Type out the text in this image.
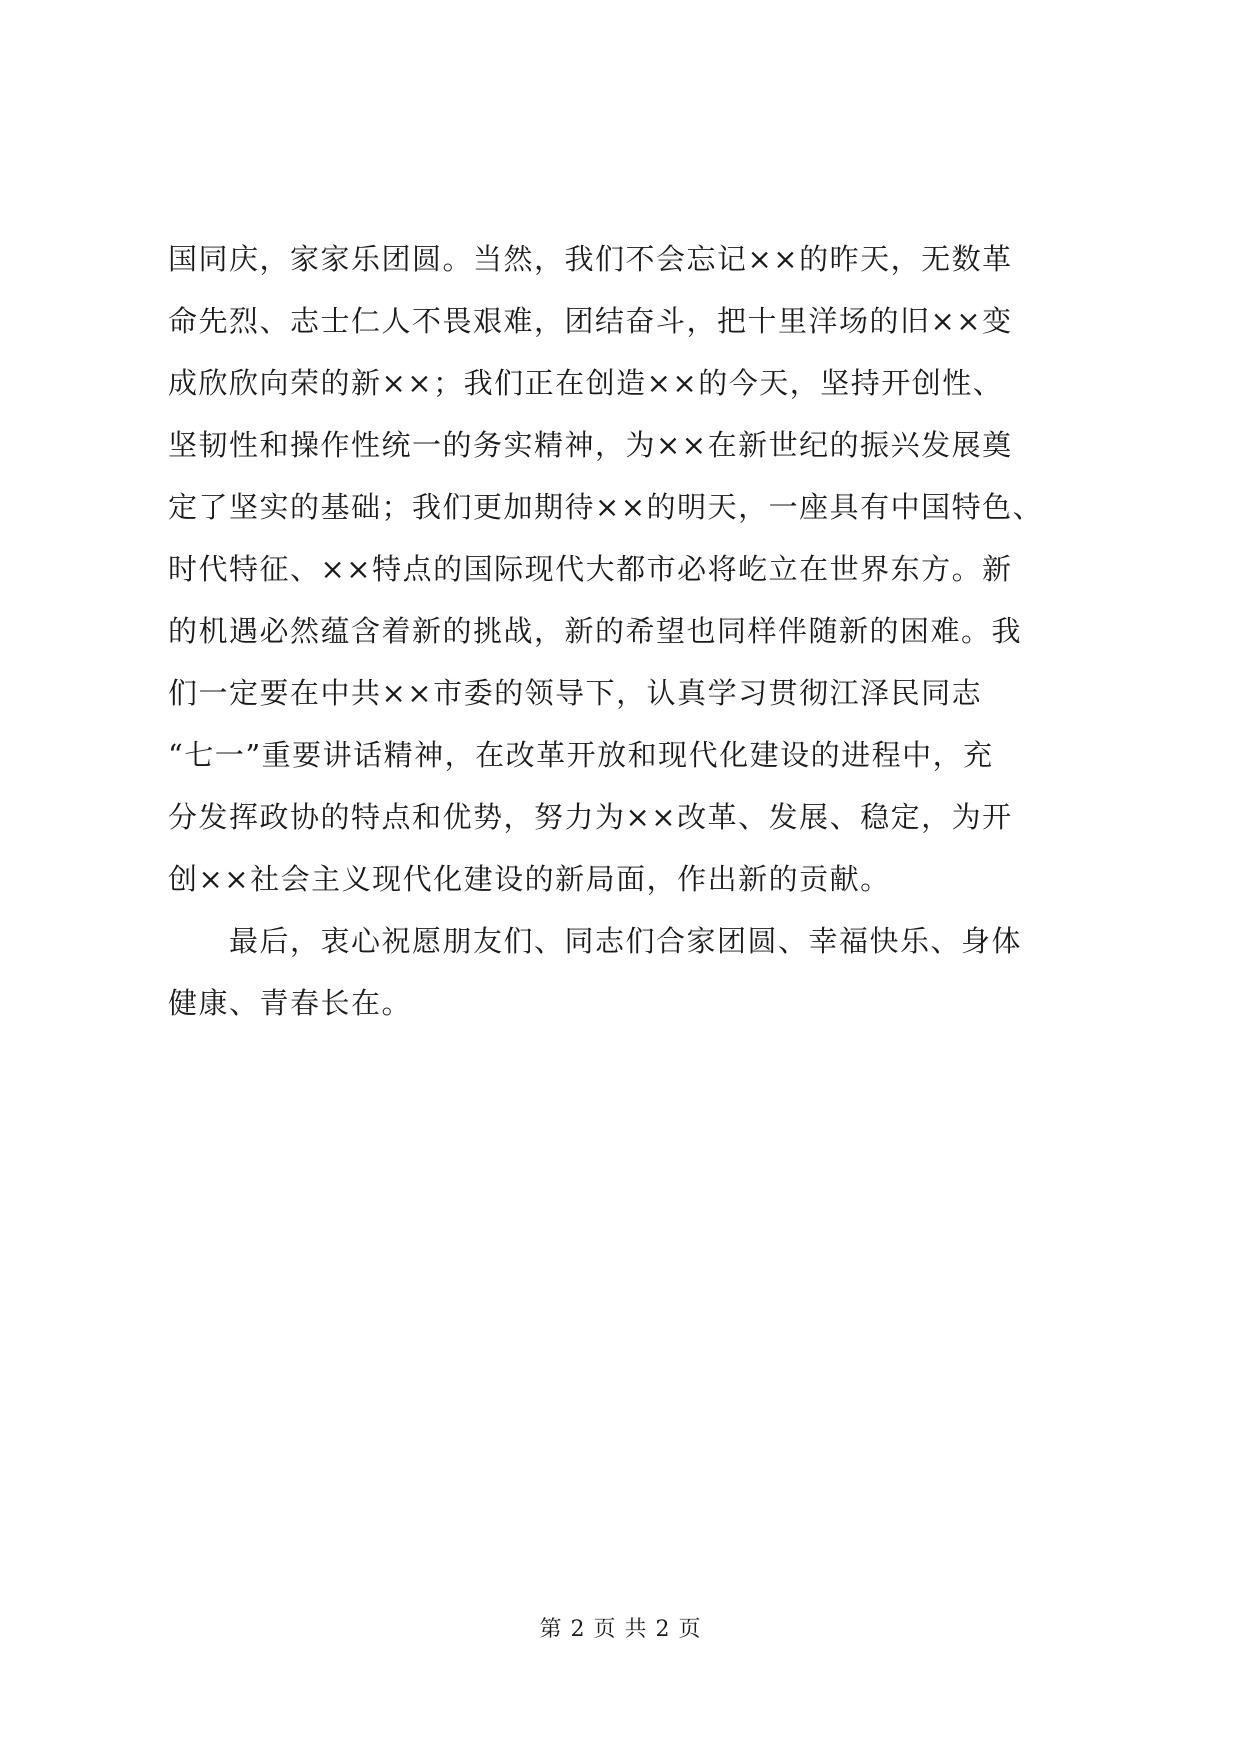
国同庆，家家乐团圆。当然，我们不会忘记××的昨天，无数革
命先烈、志士仁人不畏艰难，团结奋斗，把十里洋场的旧××变
成欣欣向荣的新××；我们正在创造××的今天，坚持开创性、
坚韧性和操作性统一的务实精神，为××在新世纪的振兴发展奠
定了坚实的基础；我们更加期待××的明天，一座具有中国特色、
时代特征、××特点的国际现代大都市必将屹立在世界东方。新
的机遇必然蕴含着新的挑战，新的希望也同样伴随新的困难。我
们一定要在中共××市委的领导下，认真学习贯彻江泽民同志
“七一”重要讲话精神，在改革开放和现代化建设的进程中，充
分发挥政协的特点和优势，努力为××改革、发展、稳定，为开
创××社会主义现代化建设的新局面，作出新的贡献。
　　最后，衷心祝愿朋友们、同志们合家团圆、幸福快乐、身体
健康、青春长在。
第 2 页 共 2 页
